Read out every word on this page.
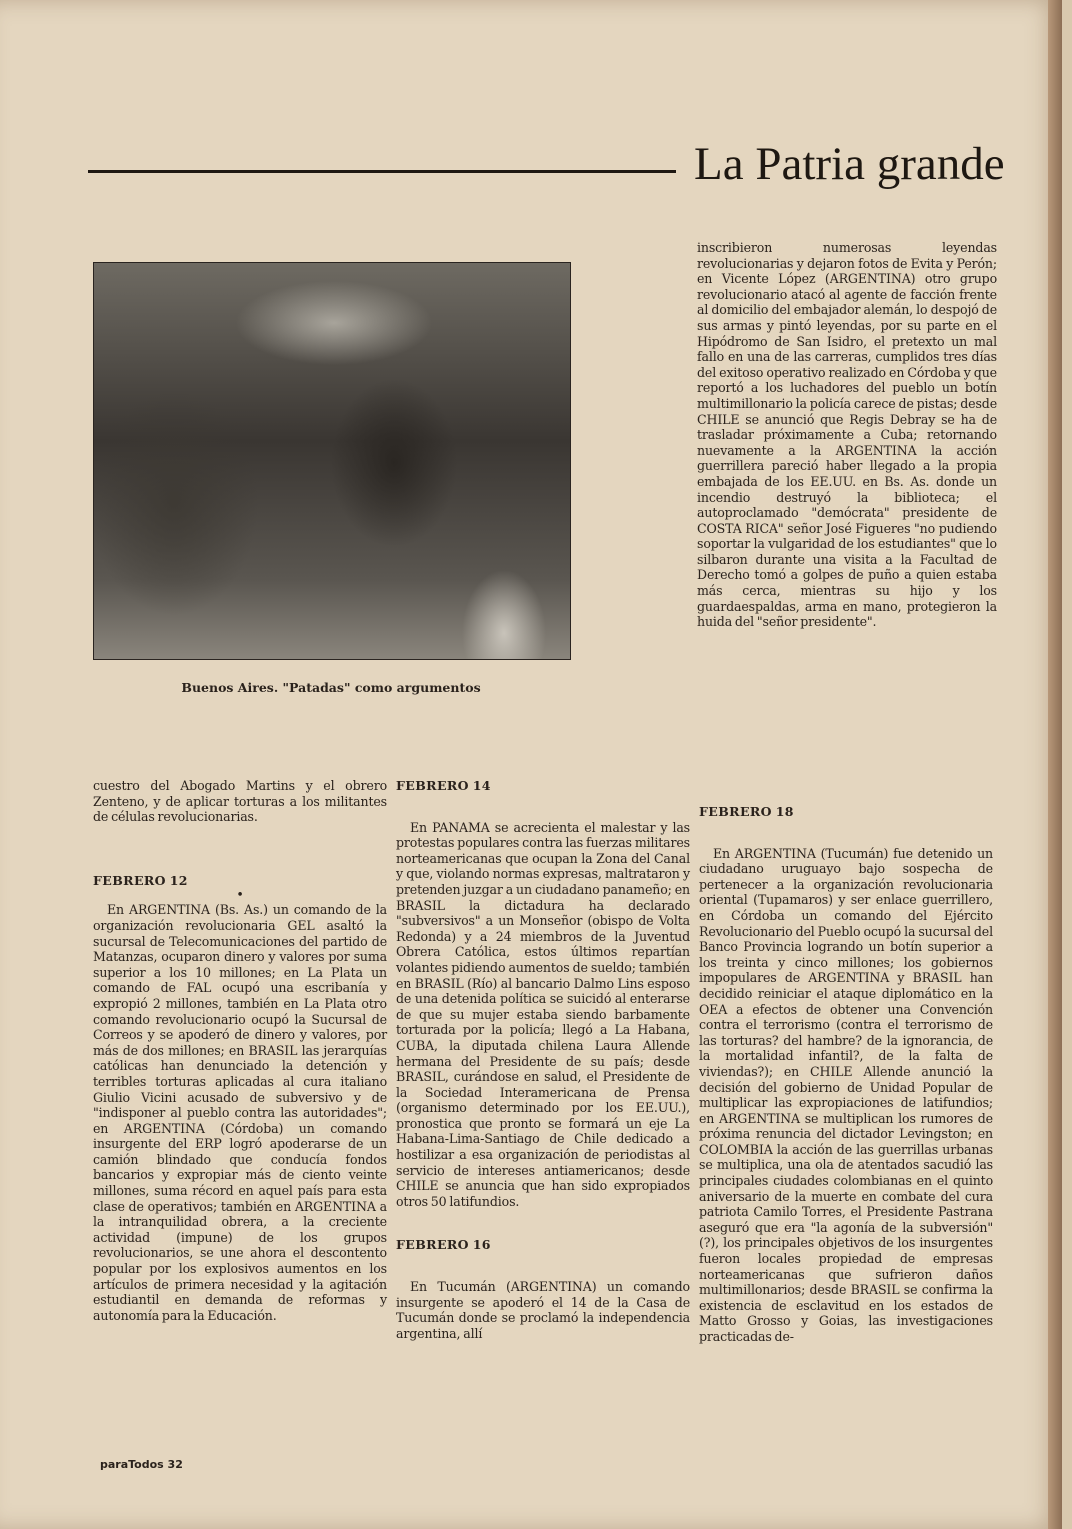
La Patria grande
Buenos Aires. "Patadas" como argumentos

inscribieron numerosas leyendas revolucionarias y dejaron fotos de Evita y Perón; en Vicente López (ARGENTINA) otro grupo revolucionario atacó al agente de facción frente al domicilio del embajador alemán, lo despojó de sus armas y pintó leyendas, por su parte en el Hipódromo de San Isidro, el pretexto un mal fallo en una de las carreras, cumplidos tres días del exitoso operativo realizado en Córdoba y que reportó a los luchadores del pueblo un botín multimillonario la policía carece de pistas; desde CHILE se anunció que Regis Debray se ha de trasladar próximamente a Cuba; retornando nuevamente a la ARGENTINA la acción guerrillera pareció haber llegado a la propia embajada de los EE.UU. en Bs. As. donde un incendio destruyó la biblioteca; el autoproclamado "demócrata" presidente de COSTA RICA" señor José Figueres "no pudiendo soportar la vulgaridad de los estudiantes" que lo silbaron durante una visita a la Facultad de Derecho tomó a golpes de puño a quien estaba más cerca, mientras su hijo y los guardaespaldas, arma en mano, protegieron la huida del "señor presidente".

cuestro del Abogado Martins y el obrero Zenteno, y de aplicar torturas a los militantes de células revolucionarias.

FEBRERO 12

•

En ARGENTINA (Bs. As.) un comando de la organización revolucionaria GEL asaltó la sucursal de Telecomunicaciones del partido de Matanzas, ocuparon dinero y valores por suma superior a los 10 millones; en La Plata un comando de FAL ocupó una escribanía y expropió 2 millones, también en La Plata otro comando revolucionario ocupó la Sucursal de Correos y se apoderó de dinero y valores, por más de dos millones; en BRASIL las jerarquías católicas han denunciado la detención y terribles torturas aplicadas al cura italiano Giulio Vicini acusado de subversivo y de "indisponer al pueblo contra las autoridades"; en ARGENTINA (Córdoba) un comando insurgente del ERP logró apoderarse de un camión blindado que conducía fondos bancarios y expropiar más de ciento veinte millones, suma récord en aquel país para esta clase de operativos; también en ARGENTINA a la intranquilidad obrera, a la creciente actividad (impune) de los grupos revolucionarios, se une ahora el descontento popular por los explosivos aumentos en los artículos de primera necesidad y la agitación estudiantil en demanda de reformas y autonomía para la Educación.

FEBRERO 14

En PANAMA se acrecienta el malestar y las protestas populares contra las fuerzas militares norteamericanas que ocupan la Zona del Canal y que, violando normas expresas, maltrataron y pretenden juzgar a un ciudadano panameño; en BRASIL la dictadura ha declarado "subversivos" a un Monseñor (obispo de Volta Redonda) y a 24 miembros de la Juventud Obrera Católica, estos últimos repartían volantes pidiendo aumentos de sueldo; también en BRASIL (Río) al bancario Dalmo Lins esposo de una detenida política se suicidó al enterarse de que su mujer estaba siendo barbamente torturada por la policía; llegó a La Habana, CUBA, la diputada chilena Laura Allende hermana del Presidente de su país; desde BRASIL, curándose en salud, el Presidente de la Sociedad Interamericana de Prensa (organismo determinado por los EE.UU.), pronostica que pronto se formará un eje La Habana-Lima-Santiago de Chile dedicado a hostilizar a esa organización de periodistas al servicio de intereses antiamericanos; desde CHILE se anuncia que han sido expropiados otros 50 latifundios.

FEBRERO 16

En Tucumán (ARGENTINA) un comando insurgente se apoderó el 14 de la Casa de Tucumán donde se proclamó la independencia argentina, allí

FEBRERO 18

En ARGENTINA (Tucumán) fue detenido un ciudadano uruguayo bajo sospecha de pertenecer a la organización revolucionaria oriental (Tupamaros) y ser enlace guerrillero, en Córdoba un comando del Ejército Revolucionario del Pueblo ocupó la sucursal del Banco Provincia logrando un botín superior a los treinta y cinco millones; los gobiernos impopulares de ARGENTINA y BRASIL han decidido reiniciar el ataque diplomático en la OEA a efectos de obtener una Convención contra el terrorismo (contra el terrorismo de las torturas? del hambre? de la ignorancia, de la mortalidad infantil?, de la falta de viviendas?); en CHILE Allende anunció la decisión del gobierno de Unidad Popular de multiplicar las expropiaciones de latifundios; en ARGENTINA se multiplican los rumores de próxima renuncia del dictador Levingston; en COLOMBIA la acción de las guerrillas urbanas se multiplica, una ola de atentados sacudió las principales ciudades colombianas en el quinto aniversario de la muerte en combate del cura patriota Camilo Torres, el Presidente Pastrana aseguró que era "la agonía de la subversión" (?), los principales objetivos de los insurgentes fueron locales propiedad de empresas norteamericanas que sufrieron daños multimillonarios; desde BRASIL se confirma la existencia de esclavitud en los estados de Matto Grosso y Goias, las investigaciones practicadas de-

paraTodos 32
